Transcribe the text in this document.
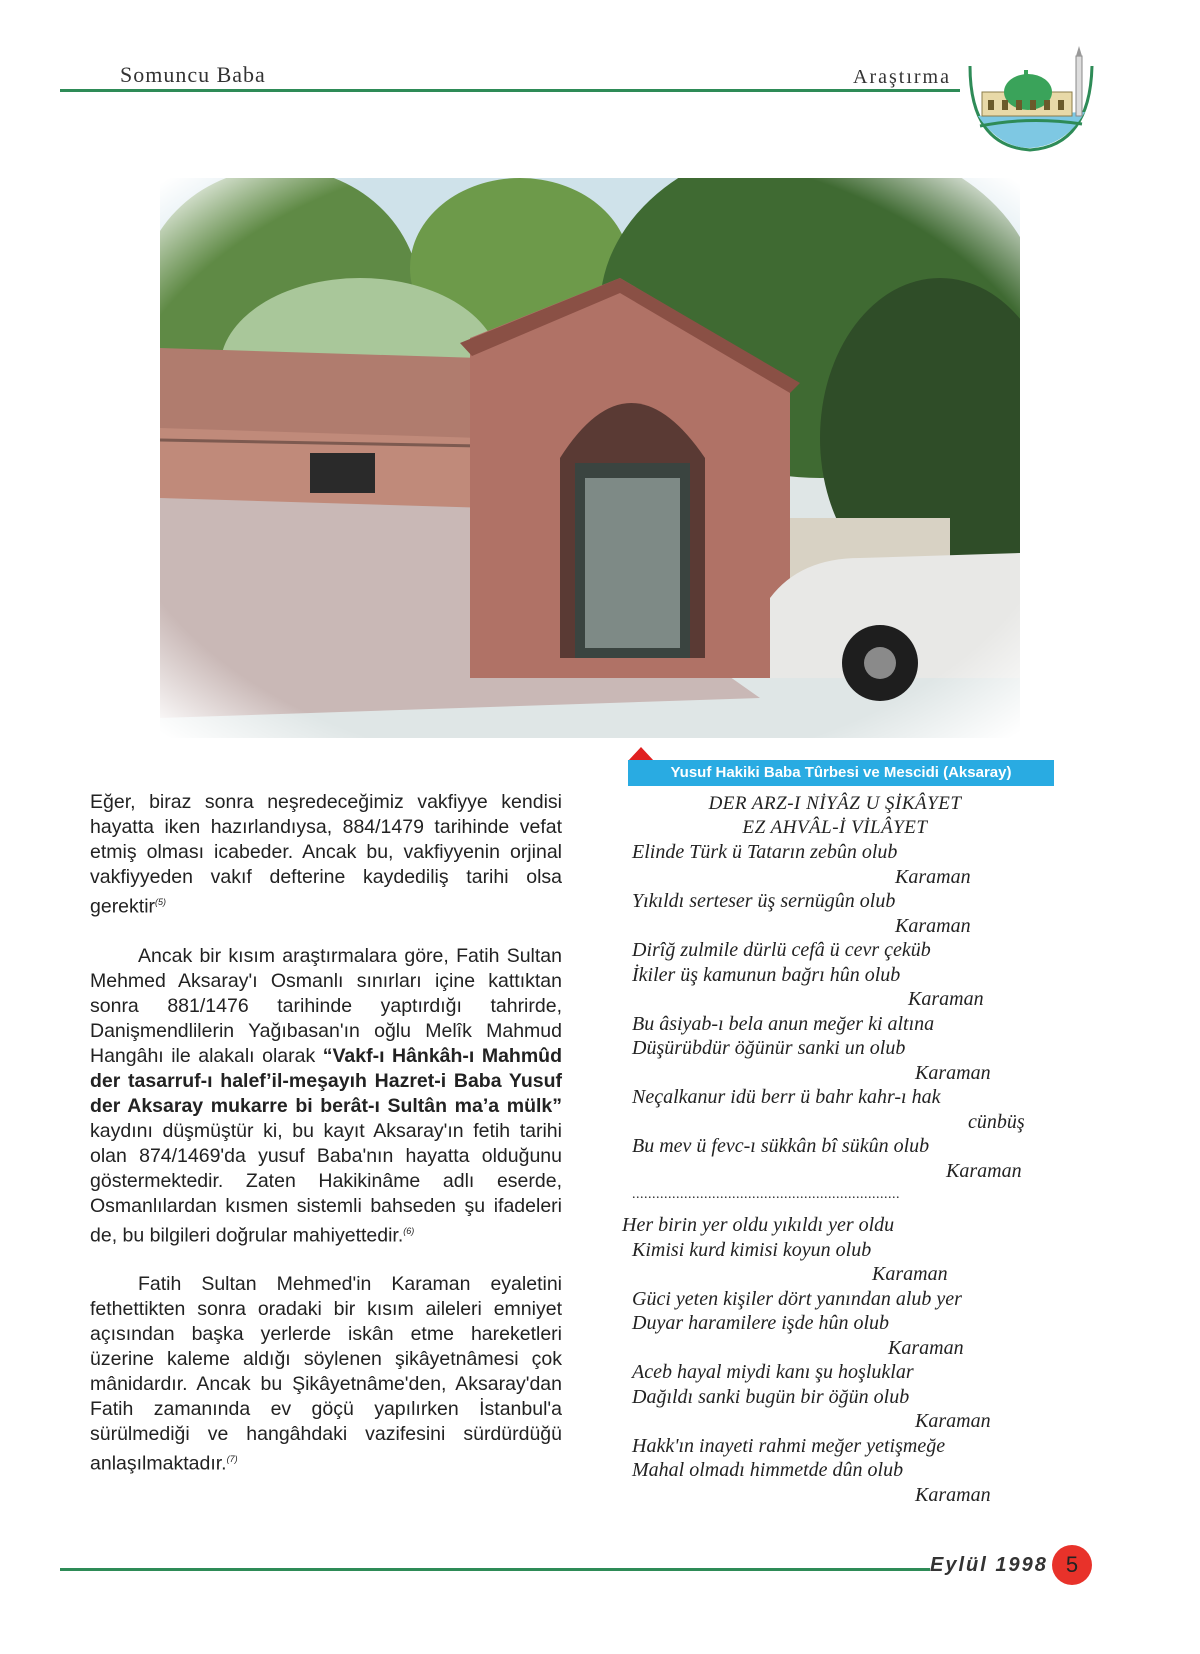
Somuncu Baba	Araştırma
Yusuf Hakiki Baba Tûrbesi ve Mescidi (Aksaray)

Eğer, biraz sonra neşredeceğimiz vakfiyye kendisi hayatta iken hazırlandıysa, 884/1479 tarihinde vefat etmiş olması icabeder. Ancak bu, vakfiyyenin orjinal vakfiyyeden vakıf defterine kaydediliş tarihi olsa gerektir$^{(5)}$

Ancak bir kısım araştırmalara göre, Fatih Sultan Mehmed Aksaray'ı Osmanlı sınırları içine kattıktan sonra 881/1476 tarihinde yaptırdığı tahrirde, Danişmendlilerin Yağıbasan'ın oğlu Melîk Mahmud Hangâhı ile alakalı olarak “Vakf-ı Hânkâh-ı Mahmûd der tasarruf-ı halef’il-meşayıh Hazret-i Baba Yusuf der Aksaray mukarre bi berât-ı Sultân ma’a mülk” kaydını düşmüştür ki, bu kayıt Aksaray'ın fetih tarihi olan 874/1469'da yusuf Baba'nın hayatta olduğunu göstermektedir. Zaten Hakikinâme adlı eserde, Osmanlılardan kısmen sistemli bahseden şu ifadeleri de, bu bilgileri doğrular mahiyettedir.$^{(6)}$

Fatih Sultan Mehmed'in Karaman eyaletini fethettikten sonra oradaki bir kısım aileleri emniyet açısından başka yerlerde iskân etme hareketleri üzerine kaleme aldığı söylenen şikâyetnâmesi çok mânidardır. Ancak bu Şikâyetnâme'den, Aksaray'dan Fatih zamanında ev göçü yapılırken İstanbul'a sürülmediği ve hangâhdaki vazifesini sürdürdüğü anlaşılmaktadır.$^{(7)}$

DER ARZ-I NİYÂZ U ŞİKÂYET
EZ AHVÂL-İ VİLÂYET
Elinde Türk ü Tatarın zebûn olub
Karaman
Yıkıldı serteser üş sernügûn olub
Karaman
Dirîğ zulmile dürlü cefâ ü cevr çeküb
İkiler üş kamunun bağrı hûn olub
Karaman
Bu âsiyab-ı bela anun meğer ki altına
Düşürübdür öğünür sanki un olub
Karaman
Neçalkanur idü berr ü bahr kahr-ı hak
cünbüş
Bu mev ü fevc-ı sükkân bî sükûn olub
Karaman
...................................................................
Her birin yer oldu yıkıldı yer oldu
Kimisi kurd kimisi koyun olub
Karaman
Güci yeten kişiler dört yanından alub yer
Duyar haramilere işde hûn olub
Karaman
Aceb hayal miydi kanı şu hoşluklar
Dağıldı sanki bugün bir öğün olub
Karaman
Hakk'ın inayeti rahmi meğer yetişmeğe
Mahal olmadı himmetde dûn olub
Karaman
Eylül 1998 5
